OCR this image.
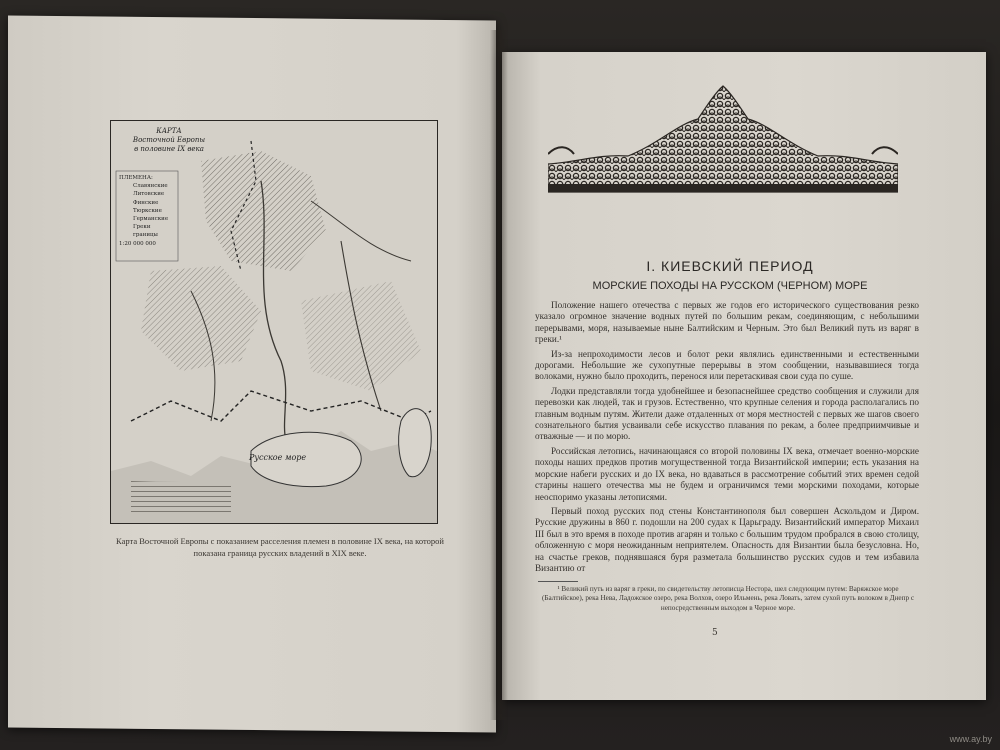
КАРТА
Восточной Европы
в половине IX века
ПЛЕМЕНА:
Славянские
Литовские
Финские
Тюркские
Германские
Греки
границы
1:20 000 000
Русское море
Карта Восточной Европы с показанием расселения племен в половине IX века, на которой показана граница русских владений в XIX веке.
I. КИЕВСКИЙ ПЕРИОД
МОРСКИЕ ПОХОДЫ НА РУССКОМ (ЧЕРНОМ) МОРЕ

Положение нашего отечества с первых же годов его исторического существования резко указало огромное значение водных путей по большим рекам, соединяющим, с небольшими перерывами, моря, называемые ныне Балтийским и Черным. Это был Великий путь из варяг в греки.¹

Из-за непроходимости лесов и болот реки являлись единственными и естественными дорогами. Небольшие же сухопутные перерывы в этом сообщении, называвшиеся тогда волоками, нужно было проходить, перенося или перетаскивая свои суда по суше.

Лодки представляли тогда удобнейшее и безопаснейшее средство сообщения и служили для перевозки как людей, так и грузов. Естественно, что крупные селения и города располагались по главным водным путям. Жители даже отдаленных от моря местностей с первых же шагов своего сознательного бытия усваивали себе искусство плавания по рекам, а более предприимчивые и отважные — и по морю.

Российская летопись, начинающаяся со второй половины IX века, отмечает военно-морские походы наших предков против могущественной тогда Византийской империи; есть указания на морские набеги русских и до IX века, но вдаваться в рассмотрение событий этих времен седой старины нашего отечества мы не будем и ограничимся теми морскими походами, которые неоспоримо указаны летописями.

Первый поход русских под стены Константинополя был совершен Аскольдом и Диром. Русские дружины в 860 г. подошли на 200 судах к Царьграду. Византийский император Михаил III был в это время в походе против агарян и только с большим трудом пробрался в свою столицу, обложенную с моря неожиданным неприятелем. Опасность для Византии была безусловна. Но, на счастье греков, поднявшаяся буря разметала большинство русских судов и тем избавила Византию от

¹ Великий путь из варяг в греки, по свидетельству летописца Нестора, шел следующим путем: Варяжское море (Балтийское), река Нева, Ладожское озеро, река Волхов, озеро Ильмень, река Ловать, затем сухой путь волоком в Днепр с непосредственным выходом в Черное море.
5
www.ay.by
